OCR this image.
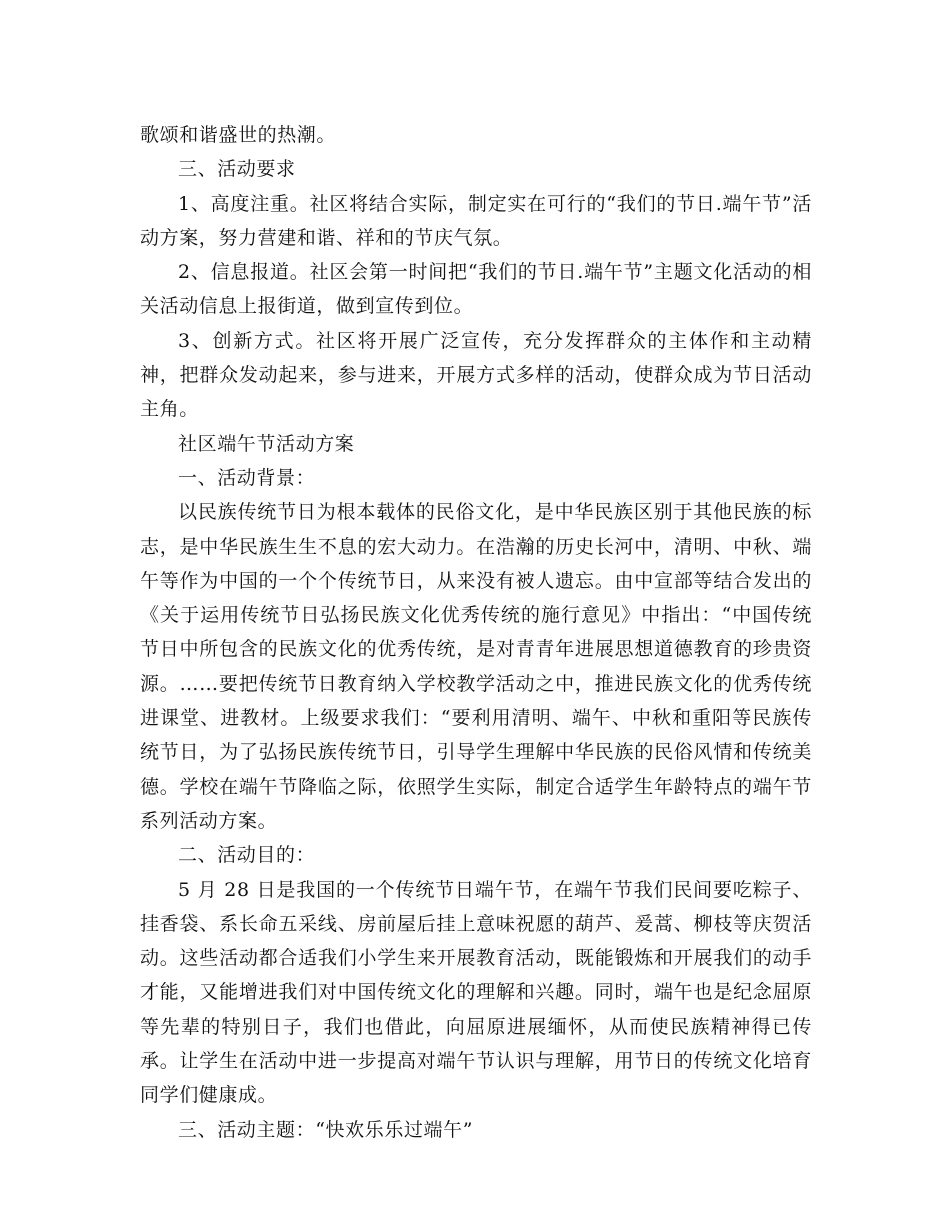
歌颂和谐盛世的热潮。

三、活动要求

1、高度注重。社区将结合实际，制定实在可行的“我们的节日.端午节”活动方案，努力营建和谐、祥和的节庆气氛。

2、信息报道。社区会第一时间把“我们的节日.端午节”主题文化活动的相关活动信息上报街道，做到宣传到位。

3、创新方式。社区将开展广泛宣传，充分发挥群众的主体作和主动精神，把群众发动起来，参与进来，开展方式多样的活动，使群众成为节日活动主角。

社区端午节活动方案

一、活动背景：

以民族传统节日为根本载体的民俗文化，是中华民族区别于其他民族的标志，是中华民族生生不息的宏大动力。在浩瀚的历史长河中，清明、中秋、端午等作为中国的一个个传统节日，从来没有被人遗忘。由中宣部等结合发出的《关于运用传统节日弘扬民族文化优秀传统的施行意见》中指出：“中国传统节日中所包含的民族文化的优秀传统，是对青青年进展思想道德教育的珍贵资源。……要把传统节日教育纳入学校教学活动之中，推进民族文化的优秀传统进课堂、进教材。上级要求我们：“要利用清明、端午、中秋和重阳等民族传统节日，为了弘扬民族传统节日，引导学生理解中华民族的民俗风情和传统美德。学校在端午节降临之际，依照学生实际，制定合适学生年龄特点的端午节系列活动方案。

二、活动目的：

5 月 28 日是我国的一个传统节日端午节，在端午节我们民间要吃粽子、挂香袋、系长命五采线、房前屋后挂上意味祝愿的葫芦、爰蒿、柳枝等庆贺活动。这些活动都合适我们小学生来开展教育活动，既能锻炼和开展我们的动手才能，又能增进我们对中国传统文化的理解和兴趣。同时，端午也是纪念屈原等先辈的特别日子，我们也借此，向屈原进展缅怀，从而使民族精神得已传承。让学生在活动中进一步提高对端午节认识与理解，用节日的传统文化培育同学们健康成。

三、活动主题：“快欢乐乐过端午”
